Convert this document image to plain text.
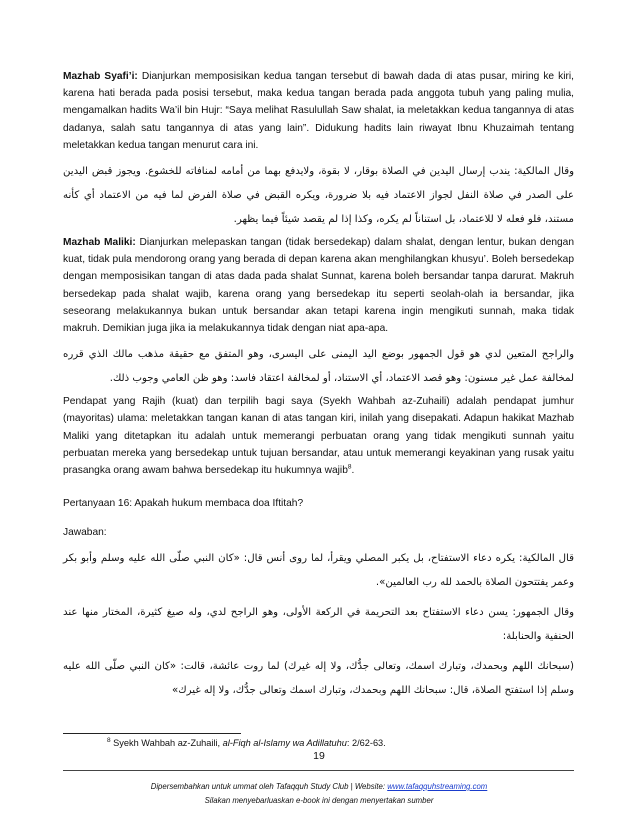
Mazhab Syafi’i: Dianjurkan memposisikan kedua tangan tersebut di bawah dada di atas pusar, miring ke kiri, karena hati berada pada posisi tersebut, maka kedua tangan berada pada anggota tubuh yang paling mulia, mengamalkan hadits Wa’il bin Hujr: “Saya melihat Rasulullah Saw shalat, ia meletakkan kedua tangannya di atas dadanya, salah satu tangannya di atas yang lain”. Didukung hadits lain riwayat Ibnu Khuzaimah tentang meletakkan kedua tangan menurut cara ini.

وقال المالكية: يندب إرسال اليدين في الصلاة بوقار، لا بقوة، ولايدفع بهما من أمامه لمنافاته للخشوع. ويجوز قبض اليدين على الصدر في صلاة النفل لجواز الاعتماد فيه بلا ضرورة، ويكره القبض في صلاة الفرض لما فيه من الاعتماد أي كأنه مستند، فلو فعله لا للاعتماد، بل استناناً لم يكره، وكذا إذا لم يقصد شيئاً فيما يظهر.

Mazhab Maliki: Dianjurkan melepaskan tangan (tidak bersedekap) dalam shalat, dengan lentur, bukan dengan kuat, tidak pula mendorong orang yang berada di depan karena akan menghilangkan khusyu’. Boleh bersedekap dengan memposisikan tangan di atas dada pada shalat Sunnat, karena boleh bersandar tanpa darurat. Makruh bersedekap pada shalat wajib, karena orang yang bersedekap itu seperti seolah-olah ia bersandar, jika seseorang melakukannya bukan untuk bersandar akan tetapi karena ingin mengikuti sunnah, maka tidak makruh. Demikian juga jika ia melakukannya tidak dengan niat apa-apa.

والراجح المتعين لدي هو قول الجمهور بوضع اليد اليمنى على اليسرى، وهو المتفق مع حقيقة مذهب مالك الذي قرره لمخالفة عمل غير مسنون: وهو قصد الاعتماد، أي الاستناد، أو لمخالفة اعتقاد فاسد: وهو ظن العامي وجوب ذلك.

Pendapat yang Rajih (kuat) dan terpilih bagi saya (Syekh Wahbah az-Zuhaili) adalah pendapat jumhur (mayoritas) ulama: meletakkan tangan kanan di atas tangan kiri, inilah yang disepakati. Adapun hakikat Mazhab Maliki yang ditetapkan itu adalah untuk memerangi perbuatan orang yang tidak mengikuti sunnah yaitu perbuatan mereka yang bersedekap untuk tujuan bersandar, atau untuk memerangi keyakinan yang rusak yaitu prasangka orang awam bahwa bersedekap itu hukumnya wajib$^8$.

Pertanyaan 16: Apakah hukum membaca doa Iftitah?

Jawaban:

قال المالكية: يكره دعاء الاستفتاح، بل يكبر المصلي ويقرأ، لما روى أنس قال: «كان النبي صلّى الله عليه وسلم وأبو بكر وعمر يفتتحون الصلاة بالحمد لله رب العالمين».

وقال الجمهور: يسن دعاء الاستفتاح بعد التحريمة في الركعة الأولى، وهو الراجح لدي، وله صيغ كثيرة، المختار منها عند الحنفية والحنابلة:

(سبحانك اللهم وبحمدك، وتبارك اسمك، وتعالى جدُّك، ولا إله غيرك) لما روت عائشة، قالت: «كان النبي صلّى الله عليه وسلم إذا استفتح الصلاة، قال: سبحانك اللهم وبحمدك، وتبارك اسمك وتعالى جدُّك، ولا إله غيرك»

$^8$ Syekh Wahbah az-Zuhaili, al-Fiqh al-Islamy wa Adillatuhu: 2/62-63.

19

Dipersembahkan untuk ummat oleh Tafaqquh Study Club | Website: www.tafaqquhstreaming.com

Silakan menyebarluaskan e-book ini dengan menyertakan sumber
